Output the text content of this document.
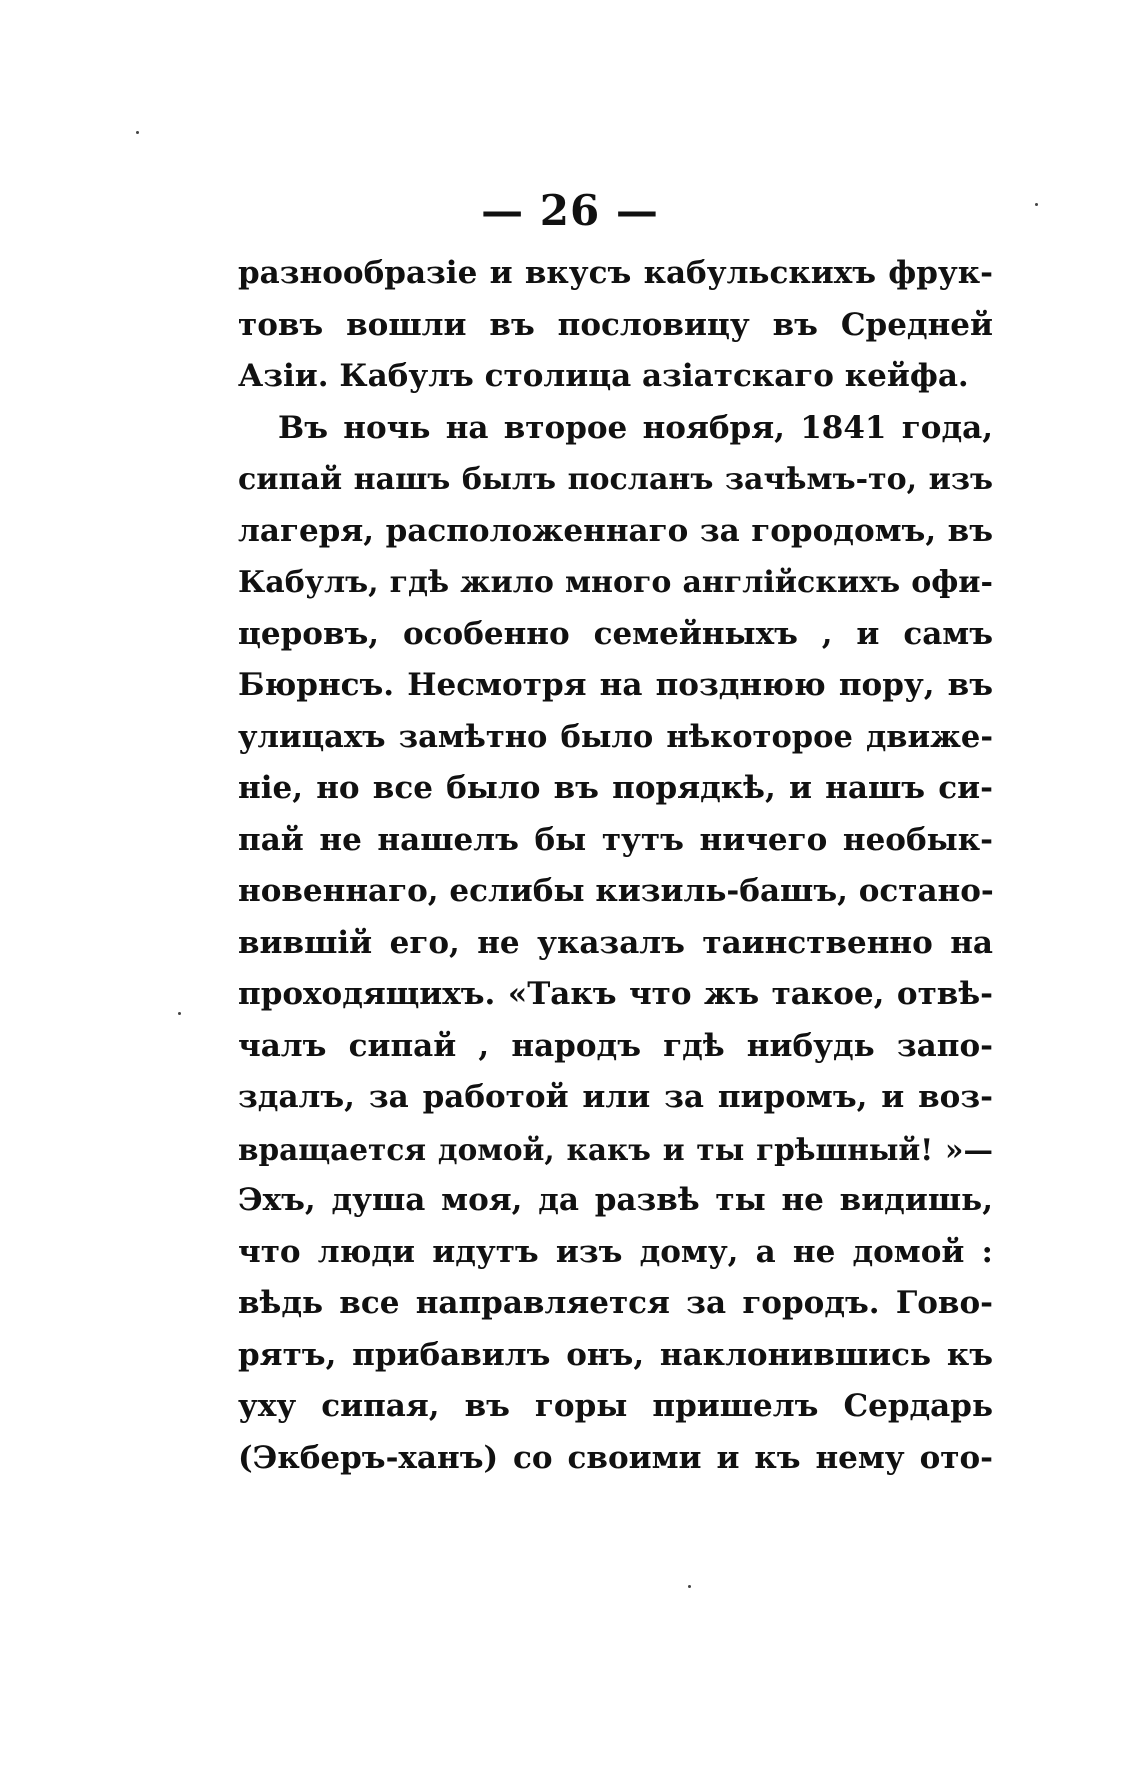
— 26 —
разнообразіе и вкусъ кабульскихъ фрук-
товъ вошли въ пословицу въ Средней
Азіи. Кабулъ столица азіатскаго кейфа.
Въ ночь на второе ноября, 1841 года,
сипай нашъ былъ посланъ зачѣмъ-то, изъ
лагеря, расположеннаго за городомъ, въ
Кабулъ, гдѣ жило много англійскихъ офи-
церовъ, особенно семейныхъ , и самъ
Бюрнсъ. Несмотря на позднюю пору, въ
улицахъ замѣтно было нѣкоторое движе-
ніе, но все было въ порядкѣ, и нашъ си-
пай не нашелъ бы тутъ ничего необык-
новеннаго, еслибы кизиль-башъ, остано-
вившій его, не указалъ таинственно на
проходящихъ. «Такъ что жъ такое, отвѣ-
чалъ сипай , народъ гдѣ нибудь запо-
здалъ, за работой или за пиромъ, и воз-
вращается домой, какъ и ты грѣшный! »—
Эхъ, душа моя, да развѣ ты не видишь,
что люди идутъ изъ дому, а не домой :
вѣдь все направляется за городъ. Гово-
рятъ, прибавилъ онъ, наклонившись къ
уху сипая, въ горы пришелъ Сердарь
(Экберъ-ханъ) со своими и къ нему ото-
